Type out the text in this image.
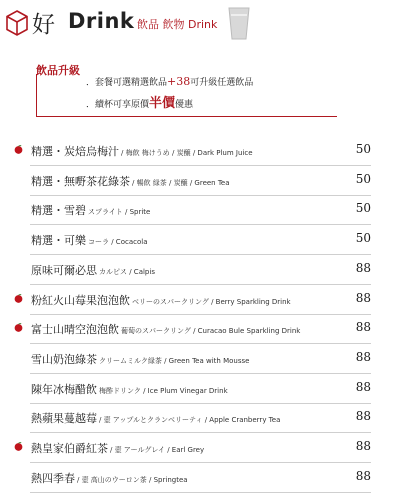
好 Drink 飲品 飲物 Drink
飲品升級
．套餐可選精選飲品+38可升級任選飲品
．續杯可享原價半價優惠
精選・炭焙烏梅汁 / 梅飲 梅けうめ / 炭醸 / Dark Plum Juice	50
精選・無嘢茶花綠茶 / 暢飲 緑茶 / 炭醸 / Green Tea	50
精選・雪碧 スプライト / Sprite	50
精選・可樂 コーラ / Cocacola	50
原味可爾必思 カルピス / Calpis	88
粉紅火山莓果泡泡飲 ベリーのスパークリング / Berry Sparkling Drink	88
富士山晴空泡泡飲 葡萄のスパークリング / Curacao Bule Sparkling Drink	88
雪山奶泡綠茶 クリームミルク緑茶 / Green Tea with Mousse	88
陳年冰梅醋飲 梅酢ドリンク / Ice Plum Vinegar Drink	88
熱蘋果蔓越莓 / 壺 アップルとクランベリーティ / Apple Cranberry Tea	88
熱皇家伯爵紅茶 / 壺 アールグレイ / Earl Grey	88
熱四季春 / 壺 高山のウーロン茶 / Springtea	88
